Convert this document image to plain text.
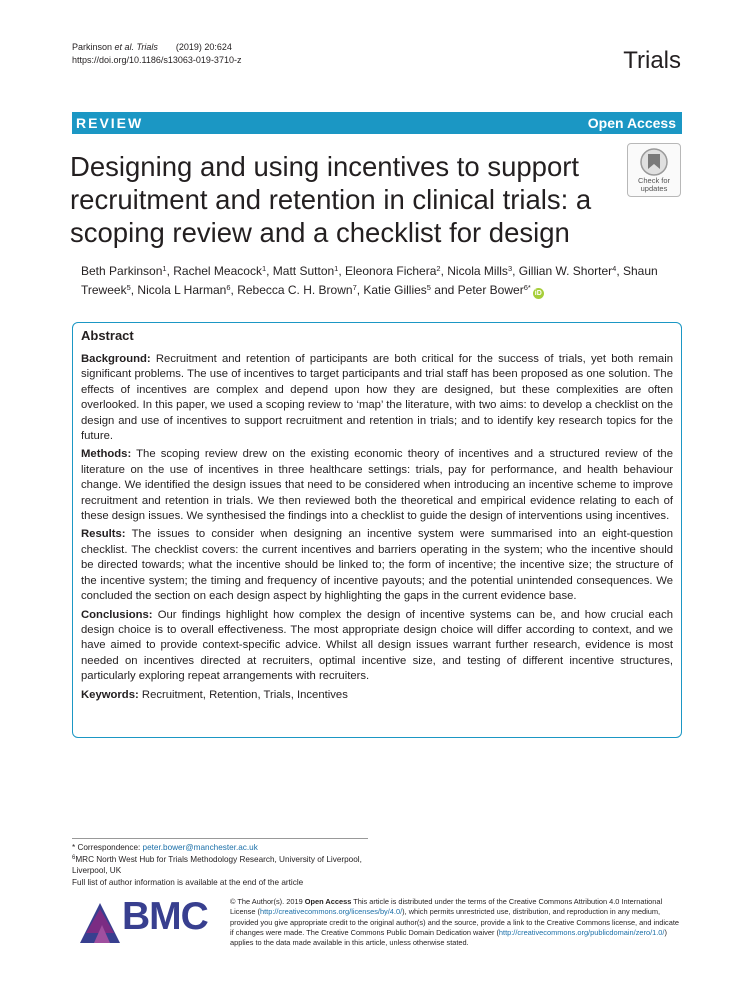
Parkinson et al. Trials (2019) 20:624
https://doi.org/10.1186/s13063-019-3710-z	Trials
REVIEW	Open Access
Designing and using incentives to support recruitment and retention in clinical trials: a scoping review and a checklist for design
Check for
updates
Beth Parkinson$^1$, Rachel Meacock$^1$, Matt Sutton$^1$, Eleonora Fichera$^2$, Nicola Mills$^3$, Gillian W. Shorter$^4$, Shaun Treweek$^5$, Nicola L Harman$^6$, Rebecca C. H. Brown$^7$, Katie Gillies$^5$ and Peter Bower$^{6*}$iD
Abstract

Background: Recruitment and retention of participants are both critical for the success of trials, yet both remain significant problems. The use of incentives to target participants and trial staff has been proposed as one solution. The effects of incentives are complex and depend upon how they are designed, but these complexities are often overlooked. In this paper, we used a scoping review to ‘map’ the literature, with two aims: to develop a checklist on the design and use of incentives to support recruitment and retention in trials; and to identify key research topics for the future.

Methods: The scoping review drew on the existing economic theory of incentives and a structured review of the literature on the use of incentives in three healthcare settings: trials, pay for performance, and health behaviour change. We identified the design issues that need to be considered when introducing an incentive scheme to improve recruitment and retention in trials. We then reviewed both the theoretical and empirical evidence relating to each of these design issues. We synthesised the findings into a checklist to guide the design of interventions using incentives.

Results: The issues to consider when designing an incentive system were summarised into an eight-question checklist. The checklist covers: the current incentives and barriers operating in the system; who the incentive should be directed towards; what the incentive should be linked to; the form of incentive; the incentive size; the structure of the incentive system; the timing and frequency of incentive payouts; and the potential unintended consequences. We concluded the section on each design aspect by highlighting the gaps in the current evidence base.

Conclusions: Our findings highlight how complex the design of incentive systems can be, and how crucial each design choice is to overall effectiveness. The most appropriate design choice will differ according to context, and we have aimed to provide context-specific advice. Whilst all design issues warrant further research, evidence is most needed on incentives directed at recruiters, optimal incentive size, and testing of different incentive structures, particularly exploring repeat arrangements with recruiters.

Keywords: Recruitment, Retention, Trials, Incentives

* Correspondence: peter.bower@manchester.ac.uk
$^6$MRC North West Hub for Trials Methodology Research, University of Liverpool, Liverpool, UK
Full list of author information is available at the end of the article
BMC	© The Author(s). 2019 Open Access This article is distributed under the terms of the Creative Commons Attribution 4.0 International License (http://creativecommons.org/licenses/by/4.0/), which permits unrestricted use, distribution, and reproduction in any medium, provided you give appropriate credit to the original author(s) and the source, provide a link to the Creative Commons license, and indicate if changes were made. The Creative Commons Public Domain Dedication waiver (http://creativecommons.org/publicdomain/zero/1.0/) applies to the data made available in this article, unless otherwise stated.
